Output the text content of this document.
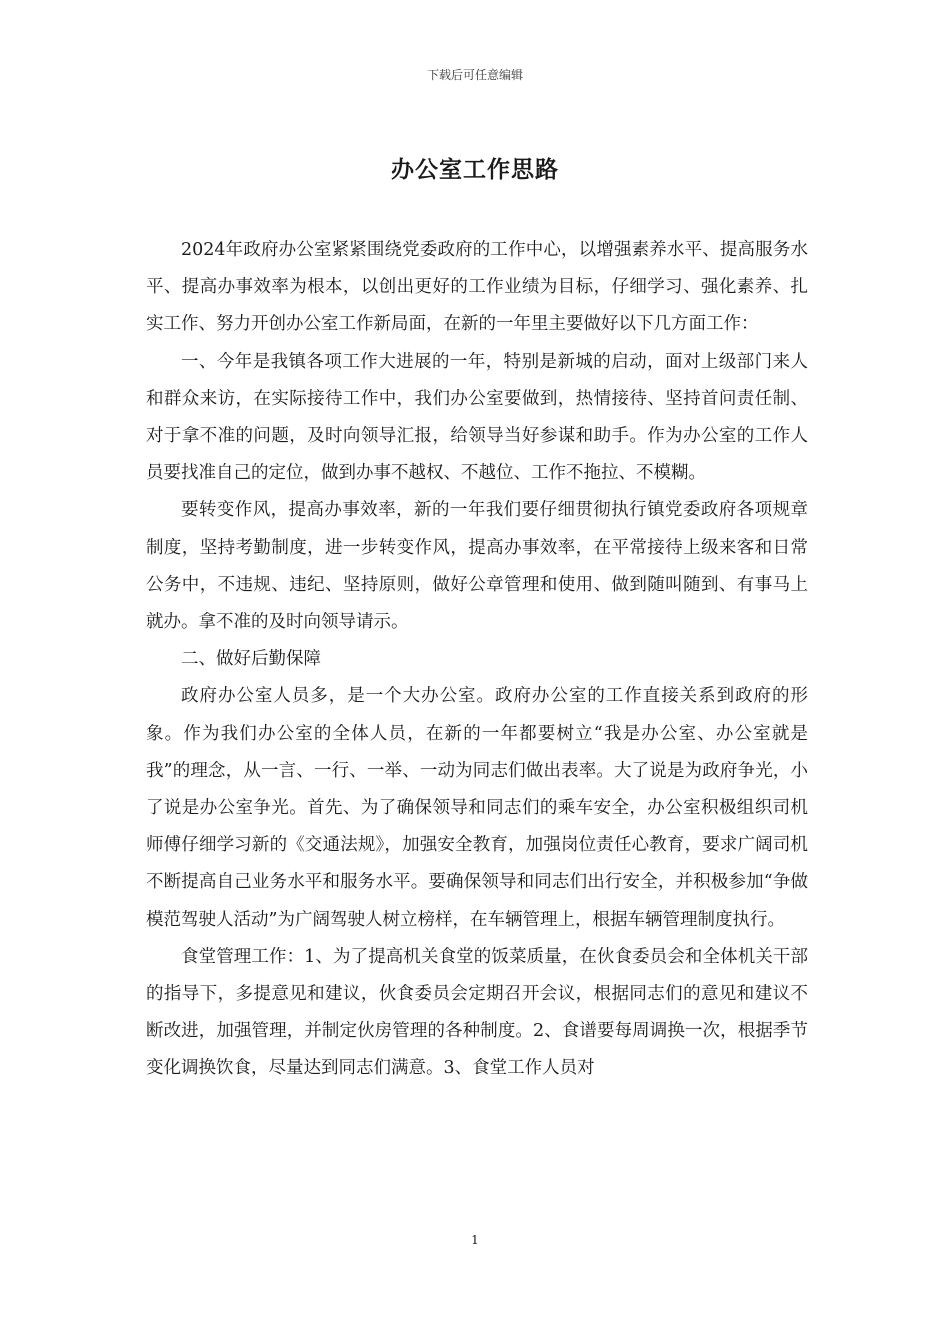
下载后可任意编辑
办公室工作思路

2024年政府办公室紧紧围绕党委政府的工作中心，以增强素养水平、提高服务水平、提高办事效率为根本，以创出更好的工作业绩为目标，仔细学习、强化素养、扎实工作、努力开创办公室工作新局面，在新的一年里主要做好以下几方面工作：

一、今年是我镇各项工作大进展的一年，特别是新城的启动，面对上级部门来人和群众来访，在实际接待工作中，我们办公室要做到，热情接待、坚持首问责任制、对于拿不准的问题，及时向领导汇报，给领导当好参谋和助手。作为办公室的工作人员要找准自己的定位，做到办事不越权、不越位、工作不拖拉、不模糊。

要转变作风，提高办事效率，新的一年我们要仔细贯彻执行镇党委政府各项规章制度，坚持考勤制度，进一步转变作风，提高办事效率，在平常接待上级来客和日常公务中，不违规、违纪、坚持原则，做好公章管理和使用、做到随叫随到、有事马上就办。拿不准的及时向领导请示。

二、做好后勤保障

政府办公室人员多，是一个大办公室。政府办公室的工作直接关系到政府的形象。作为我们办公室的全体人员，在新的一年都要树立“我是办公室、办公室就是我”的理念，从一言、一行、一举、一动为同志们做出表率。大了说是为政府争光，小了说是办公室争光。首先、为了确保领导和同志们的乘车安全，办公室积极组织司机师傅仔细学习新的《交通法规》，加强安全教育，加强岗位责任心教育，要求广阔司机不断提高自己业务水平和服务水平。要确保领导和同志们出行安全，并积极参加“争做模范驾驶人活动”为广阔驾驶人树立榜样，在车辆管理上，根据车辆管理制度执行。

食堂管理工作：1、为了提高机关食堂的饭菜质量，在伙食委员会和全体机关干部的指导下，多提意见和建议，伙食委员会定期召开会议，根据同志们的意见和建议不断改进，加强管理，并制定伙房管理的各种制度。2、食谱要每周调换一次，根据季节变化调换饮食，尽量达到同志们满意。3、食堂工作人员对

1
